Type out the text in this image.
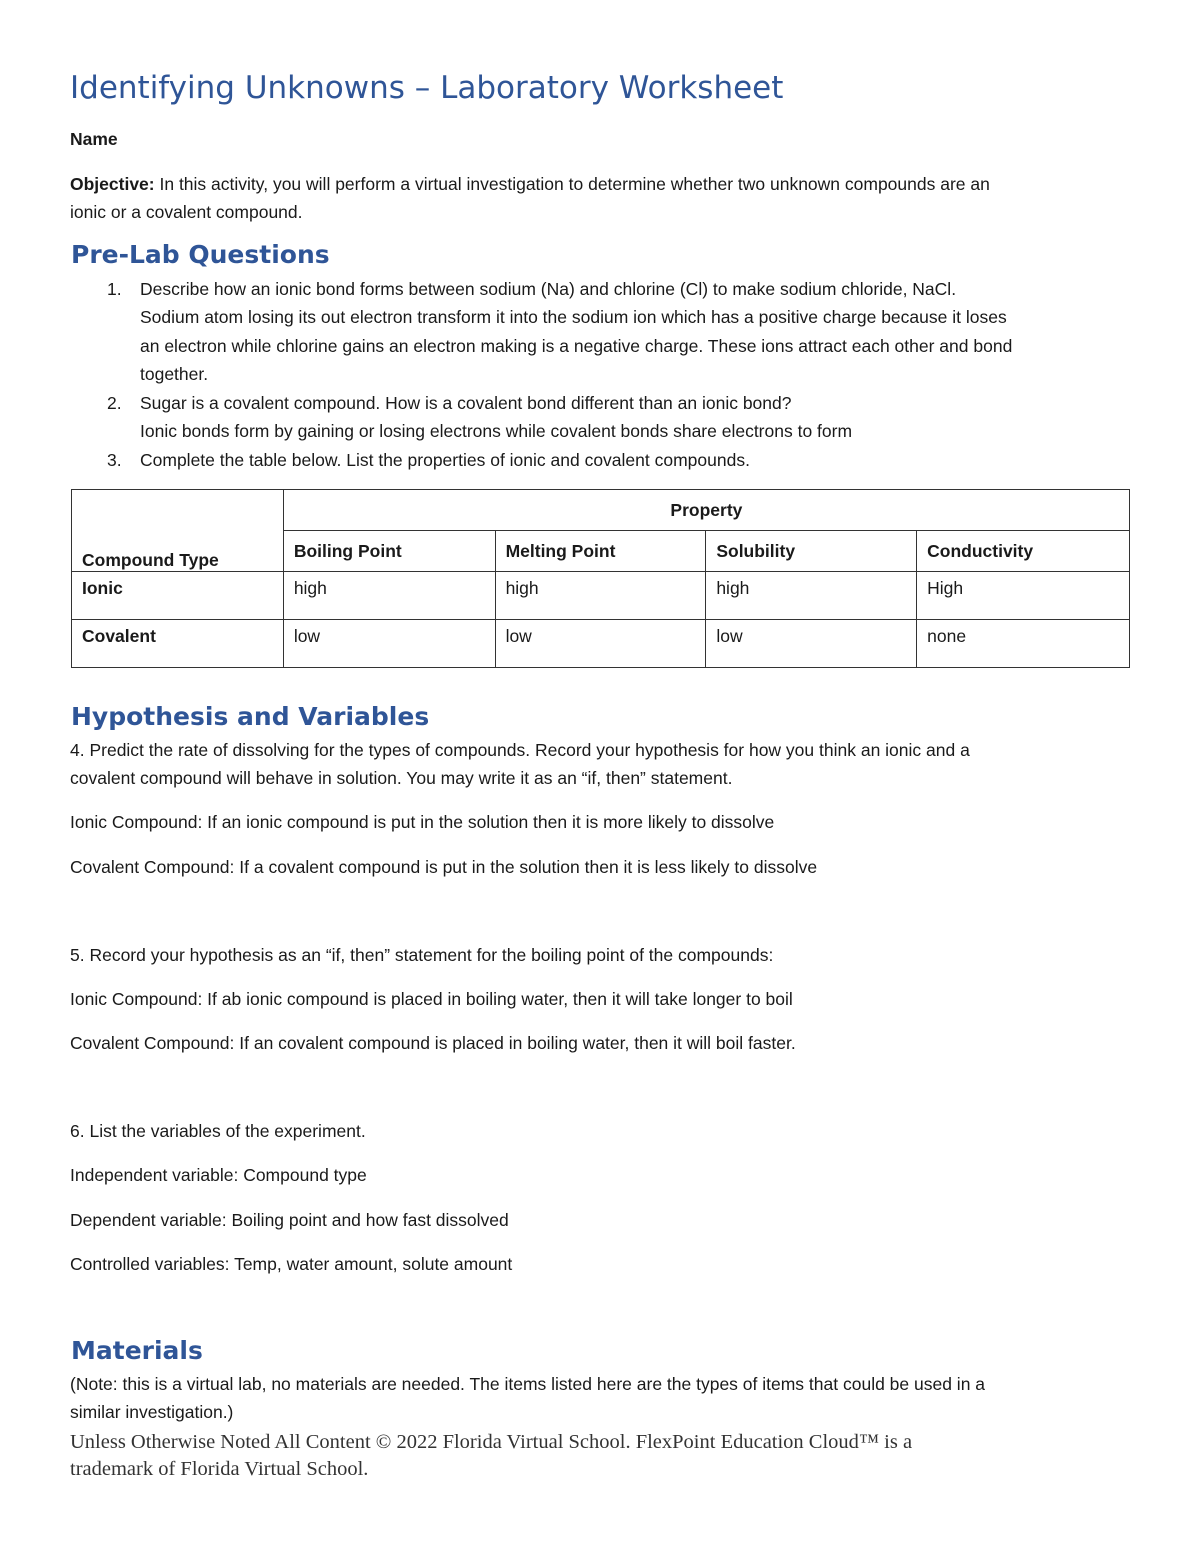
Identifying Unknowns – Laboratory Worksheet
Name
Objective: In this activity, you will perform a virtual investigation to determine whether two unknown compounds are an
ionic or a covalent compound.
Pre-Lab Questions
1. Describe how an ionic bond forms between sodium (Na) and chlorine (Cl) to make sodium chloride, NaCl.
Sodium atom losing its out electron transform it into the sodium ion which has a positive charge because it loses
an electron while chlorine gains an electron making is a negative charge. These ions attract each other and bond
together.
2. Sugar is a covalent compound. How is a covalent bond different than an ionic bond?
Ionic bonds form by gaining or losing electrons while covalent bonds share electrons to form
3. Complete the table below. List the properties of ionic and covalent compounds.
Compound Type	Property			
	Boiling Point	Melting Point	Solubility	Conductivity
Ionic	high	high	high	High
Covalent	low	low	low	none
Hypothesis and Variables
4. Predict the rate of dissolving for the types of compounds. Record your hypothesis for how you think an ionic and a
covalent compound will behave in solution. You may write it as an “if, then” statement.
Ionic Compound: If an ionic compound is put in the solution then it is more likely to dissolve
Covalent Compound: If a covalent compound is put in the solution then it is less likely to dissolve
5. Record your hypothesis as an “if, then” statement for the boiling point of the compounds:
Ionic Compound: If ab ionic compound is placed in boiling water, then it will take longer to boil
Covalent Compound: If an covalent compound is placed in boiling water, then it will boil faster.
6. List the variables of the experiment.
Independent variable: Compound type
Dependent variable: Boiling point and how fast dissolved
Controlled variables: Temp, water amount, solute amount
Materials
(Note: this is a virtual lab, no materials are needed. The items listed here are the types of items that could be used in a
similar investigation.)
Unless Otherwise Noted All Content © 2022 Florida Virtual School. FlexPoint Education Cloud™ is a
trademark of Florida Virtual School.
